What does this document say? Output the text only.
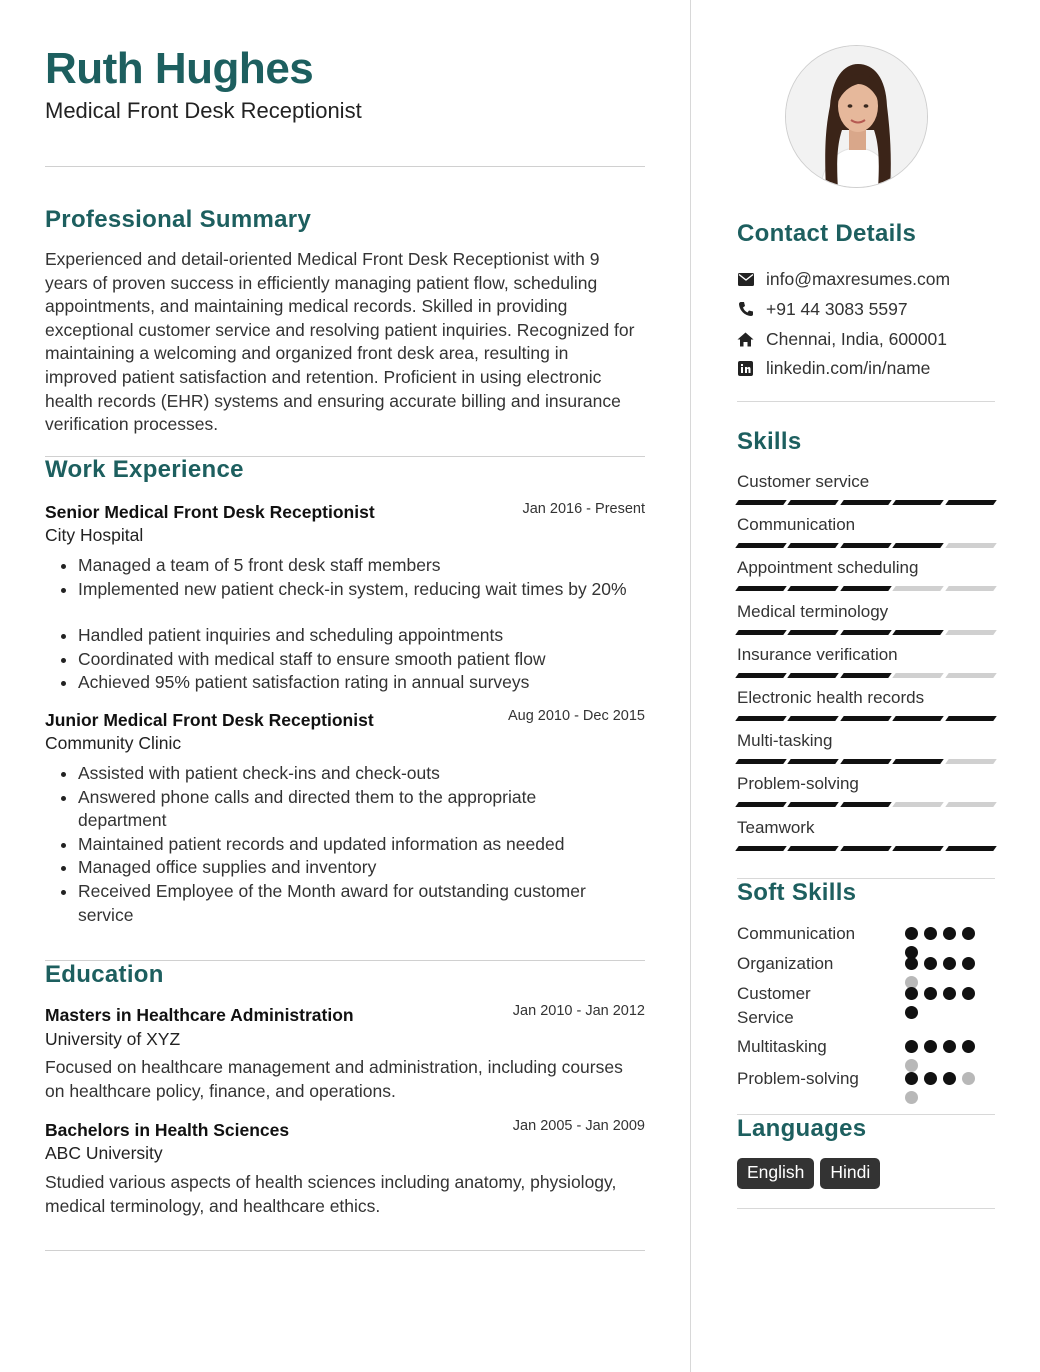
Ruth Hughes
Medical Front Desk Receptionist
Professional Summary
Experienced and detail-oriented Medical Front Desk Receptionist with 9 years of proven success in efficiently managing patient flow, scheduling appointments, and maintaining medical records. Skilled in providing exceptional customer service and resolving patient inquiries. Recognized for maintaining a welcoming and organized front desk area, resulting in improved patient satisfaction and retention. Proficient in using electronic health records (EHR) systems and ensuring accurate billing and insurance verification processes.
Work Experience
Senior Medical Front Desk Receptionist	Jan 2016 - Present
City Hospital
Managed a team of 5 front desk staff members
Implemented new patient check-in system, reducing wait times by 20%
Handled patient inquiries and scheduling appointments
Coordinated with medical staff to ensure smooth patient flow
Achieved 95% patient satisfaction rating in annual surveys
Junior Medical Front Desk Receptionist	Aug 2010 - Dec 2015
Community Clinic
Assisted with patient check-ins and check-outs
Answered phone calls and directed them to the appropriate department
Maintained patient records and updated information as needed
Managed office supplies and inventory
Received Employee of the Month award for outstanding customer service
Education
Masters in Healthcare Administration	Jan 2010 - Jan 2012
University of XYZ
Focused on healthcare management and administration, including courses on healthcare policy, finance, and operations.
Bachelors in Health Sciences	Jan 2005 - Jan 2009
ABC University
Studied various aspects of health sciences including anatomy, physiology, medical terminology, and healthcare ethics.
Contact Details
info@maxresumes.com
+91 44 3083 5597
Chennai, India, 600001
linkedin.com/in/name
Skills
Customer service
Communication
Appointment scheduling
Medical terminology
Insurance verification
Electronic health records
Multi-tasking
Problem-solving
Teamwork
Soft Skills
Communication
Organization
Customer Service
Multitasking
Problem-solving
Languages
English	Hindi
